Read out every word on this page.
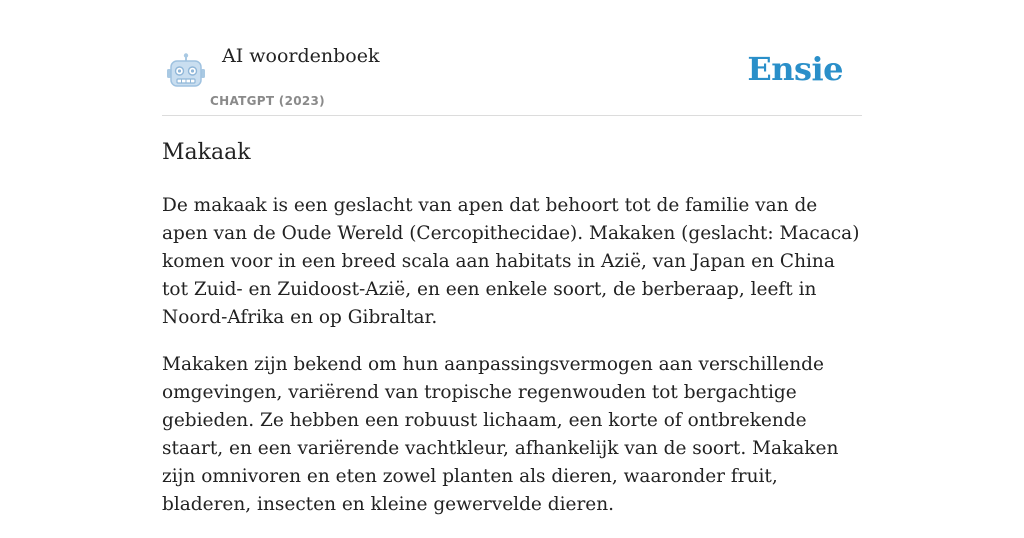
AI woordenboek
CHATGPT (2023)
Ensie
Makaak

De makaak is een geslacht van apen dat behoort tot de familie van de apen van de Oude Wereld (Cercopithecidae). Makaken (geslacht: Macaca) komen voor in een breed scala aan habitats in Azië, van Japan en China tot Zuid- en Zuidoost-Azië, en een enkele soort, de berberaap, leeft in Noord-Afrika en op Gibraltar.

Makaken zijn bekend om hun aanpassingsvermogen aan verschillende omgevingen, variërend van tropische regenwouden tot bergachtige gebieden. Ze hebben een robuust lichaam, een korte of ontbrekende staart, en een variërende vachtkleur, afhankelijk van de soort. Makaken zijn omnivoren en eten zowel planten als dieren, waaronder fruit, bladeren, insecten en kleine gewervelde dieren.
